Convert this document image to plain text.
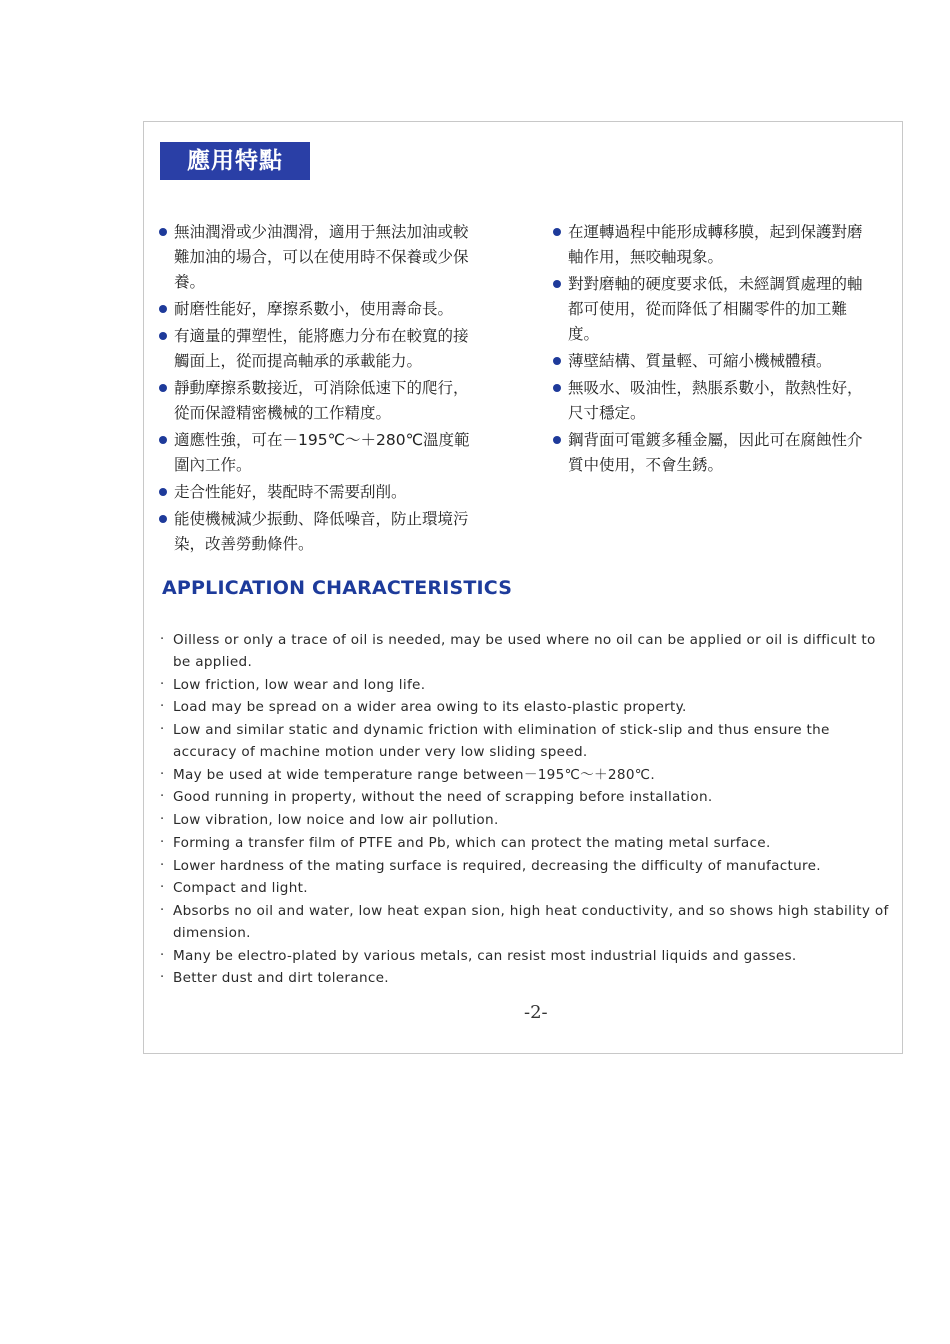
應用特點
無油潤滑或少油潤滑，適用于無法加油或較難加油的場合，可以在使用時不保養或少保養。
耐磨性能好，摩擦系數小，使用壽命長。
有適量的彈塑性，能將應力分布在較寬的接觸面上，從而提高軸承的承載能力。
靜動摩擦系數接近，可消除低速下的爬行，從而保證精密機械的工作精度。
適應性強，可在－195℃～＋280℃溫度範圍內工作。
走合性能好，裝配時不需要刮削。
能使機械減少振動、降低噪音，防止環境污染，改善勞動條件。
在運轉過程中能形成轉移膜，起到保護對磨軸作用，無咬軸現象。
對對磨軸的硬度要求低，未經調質處理的軸都可使用，從而降低了相關零件的加工難度。
薄壁結構、質量輕、可縮小機械體積。
無吸水、吸油性，熱脹系數小，散熱性好，尺寸穩定。
鋼背面可電鍍多種金屬，因此可在腐蝕性介質中使用，不會生銹。
APPLICATION CHARACTERISTICS
· Oilless or only a trace of oil is needed, may be used where no oil can be applied or oil is difficult to be applied.
· Low friction, low wear and long life.
· Load may be spread on a wider area owing to its elasto-plastic property.
· Low and similar static and dynamic friction with elimination of stick-slip and thus ensure the accuracy of machine motion under very low sliding speed.
· May be used at wide temperature range between－195℃～＋280℃.
· Good running in property, without the need of scrapping before installation.
· Low vibration, low noice and low air pollution.
· Forming a transfer film of PTFE and Pb, which can protect the mating metal surface.
· Lower hardness of the mating surface is required, decreasing the difficulty of manufacture.
· Compact and light.
· Absorbs no oil and water, low heat expan sion, high heat conductivity, and so shows high stability of dimension.
· Many be electro-plated by various metals, can resist most industrial liquids and gasses.
· Better dust and dirt tolerance.
-2-
